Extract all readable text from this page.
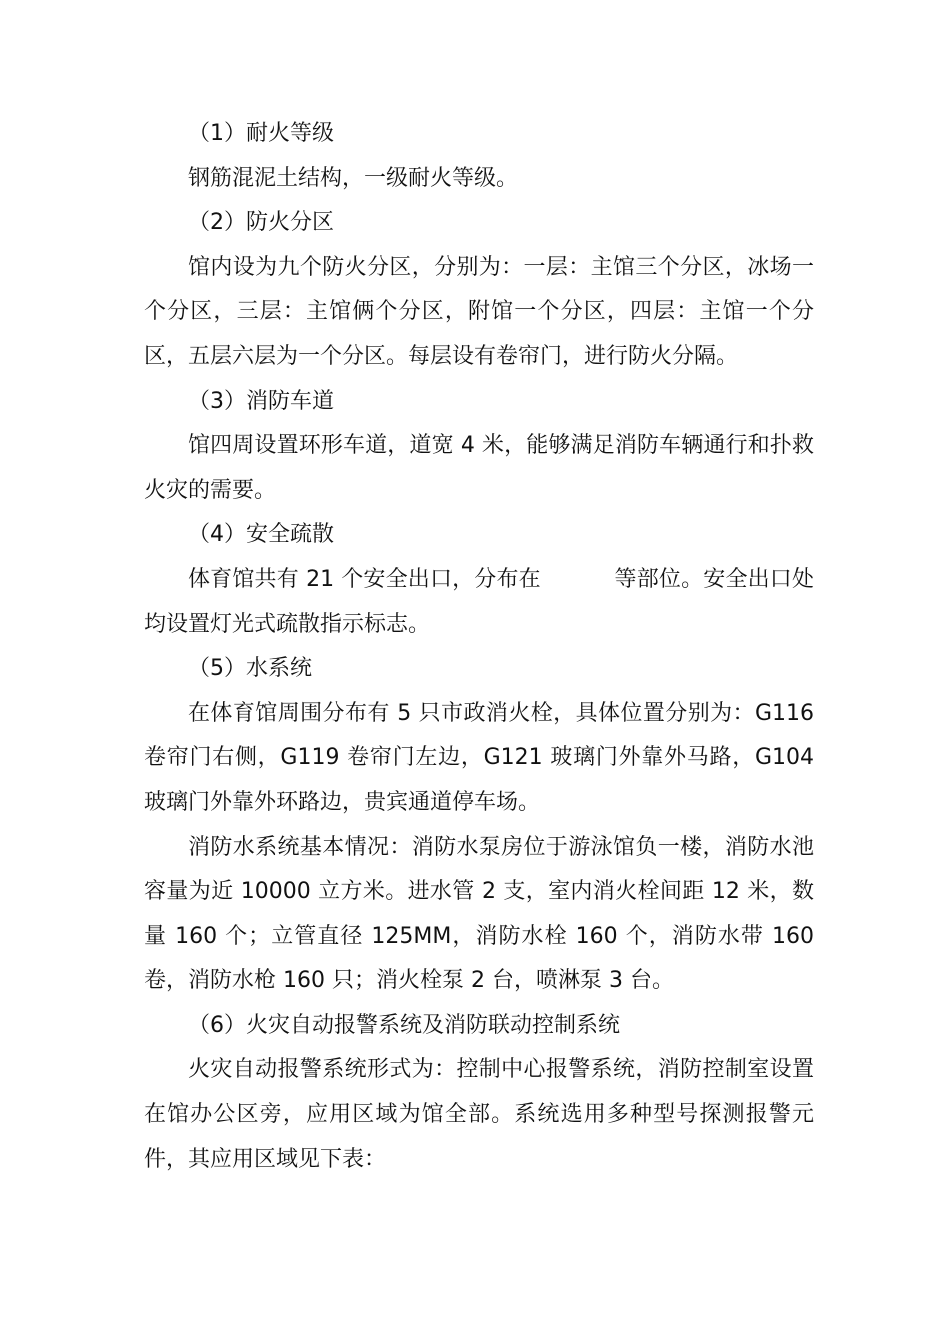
（1）耐火等级

钢筋混泥土结构，一级耐火等级。

（2）防火分区

馆内设为九个防火分区，分别为：一层：主馆三个分区，冰场一个分区，三层：主馆俩个分区，附馆一个分区，四层：主馆一个分区，五层六层为一个分区。每层设有卷帘门，进行防火分隔。

（3）消防车道

馆四周设置环形车道，道宽 4 米，能够满足消防车辆通行和扑救火灾的需要。

（4）安全疏散

体育馆共有 21 个安全出口，分布在 　　　等部位。安全出口处均设置灯光式疏散指示标志。

（5）水系统

在体育馆周围分布有 5 只市政消火栓，具体位置分别为：G116 卷帘门右侧，G119 卷帘门左边，G121 玻璃门外靠外马路，G104 玻璃门外靠外环路边，贵宾通道停车场。

消防水系统基本情况：消防水泵房位于游泳馆负一楼，消防水池容量为近 10000 立方米。进水管 2 支，室内消火栓间距 12 米，数量 160 个；立管直径 125MM，消防水栓 160 个，消防水带 160 卷，消防水枪 160 只；消火栓泵 2 台，喷淋泵 3 台。

（6）火灾自动报警系统及消防联动控制系统

火灾自动报警系统形式为：控制中心报警系统，消防控制室设置在馆办公区旁，应用区域为馆全部。系统选用多种型号探测报警元件，其应用区域见下表：
